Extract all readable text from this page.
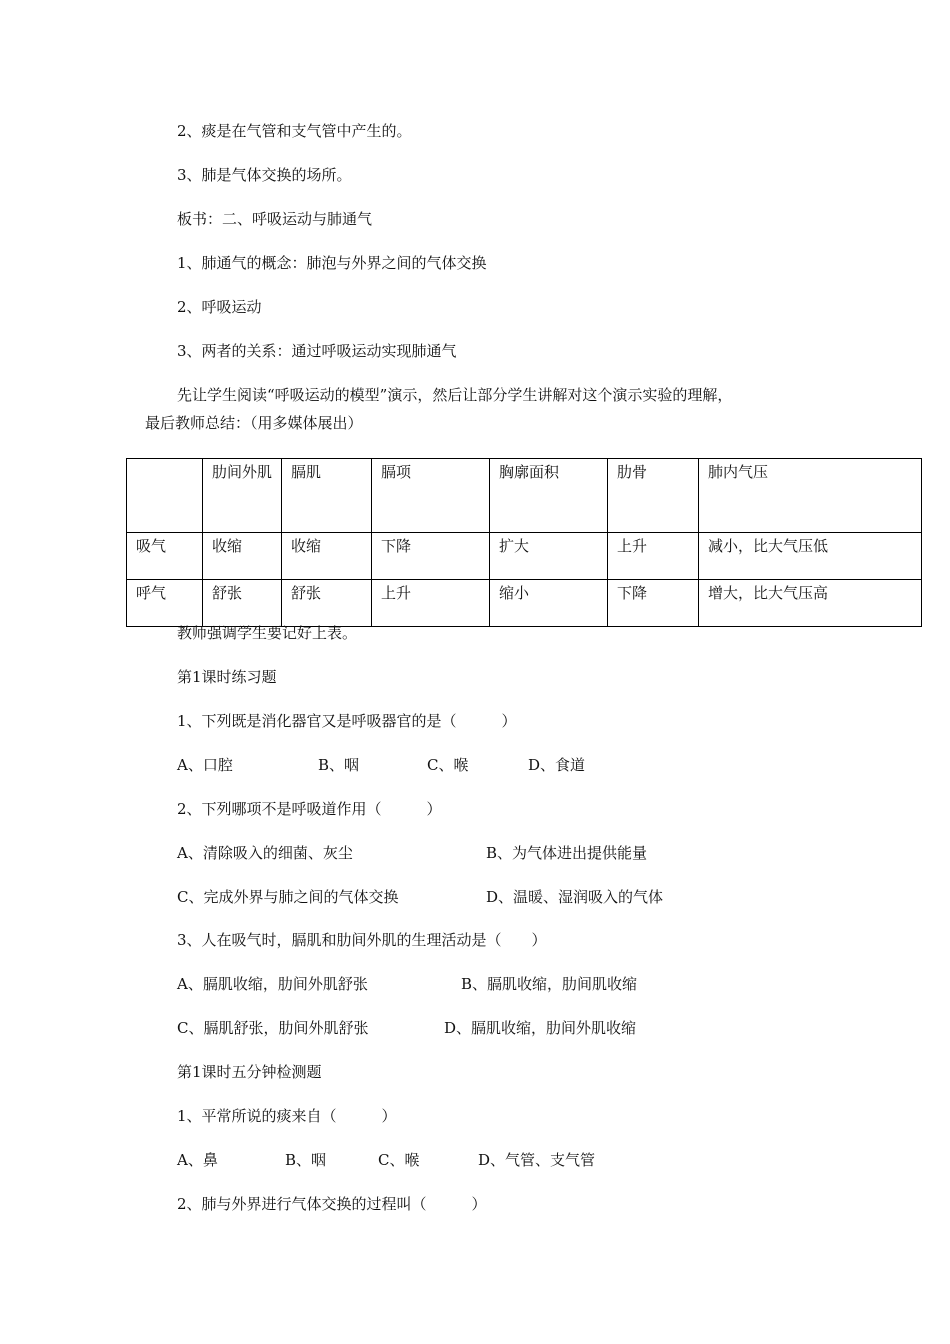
2、痰是在气管和支气管中产生的。
3、肺是气体交换的场所。
板书：二、呼吸运动与肺通气
1、肺通气的概念：肺泡与外界之间的气体交换
2、呼吸运动
3、两者的关系：通过呼吸运动实现肺通气
先让学生阅读“呼吸运动的模型”演示，然后让部分学生讲解对这个演示实验的理解，
最后教师总结：（用多媒体展出）
	肋间外肌	膈肌	膈项	胸廓面积	肋骨	肺内气压
吸气	收缩	收缩	下降	扩大	上升	减小，比大气压低
呼气	舒张	舒张	上升	缩小	下降	增大，比大气压高
教师强调学生要记好上表。
第1课时练习题
1、下列既是消化器官又是呼吸器官的是（　　　）
A、口腔	B、咽	C、喉	D、食道
2、下列哪项不是呼吸道作用（　　　）
A、清除吸入的细菌、灰尘	B、为气体进出提供能量
C、完成外界与肺之间的气体交换	D、温暖、湿润吸入的气体
3、人在吸气时，膈肌和肋间外肌的生理活动是（　　）
A、膈肌收缩，肋间外肌舒张	B、膈肌收缩，肋间肌收缩
C、膈肌舒张，肋间外肌舒张	D、膈肌收缩，肋间外肌收缩
第1课时五分钟检测题
1、平常所说的痰来自（　　　）
A、鼻	B、咽	C、喉	D、气管、支气管
2、肺与外界进行气体交换的过程叫（　　　）
